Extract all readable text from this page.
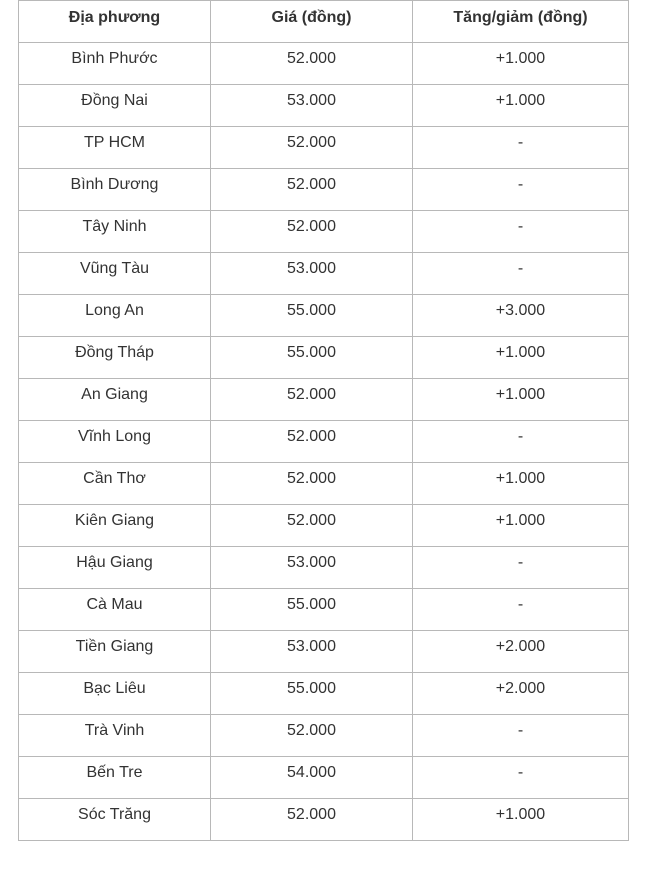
Địa phương	Giá (đồng)	Tăng/giảm (đồng)
Bình Phước	52.000	+1.000
Đồng Nai	53.000	+1.000
TP HCM	52.000	-
Bình Dương	52.000	-
Tây Ninh	52.000	-
Vũng Tàu	53.000	-
Long An	55.000	+3.000
Đồng Tháp	55.000	+1.000
An Giang	52.000	+1.000
Vĩnh Long	52.000	-
Cần Thơ	52.000	+1.000
Kiên Giang	52.000	+1.000
Hậu Giang	53.000	-
Cà Mau	55.000	-
Tiền Giang	53.000	+2.000
Bạc Liêu	55.000	+2.000
Trà Vinh	52.000	-
Bến Tre	54.000	-
Sóc Trăng	52.000	+1.000
